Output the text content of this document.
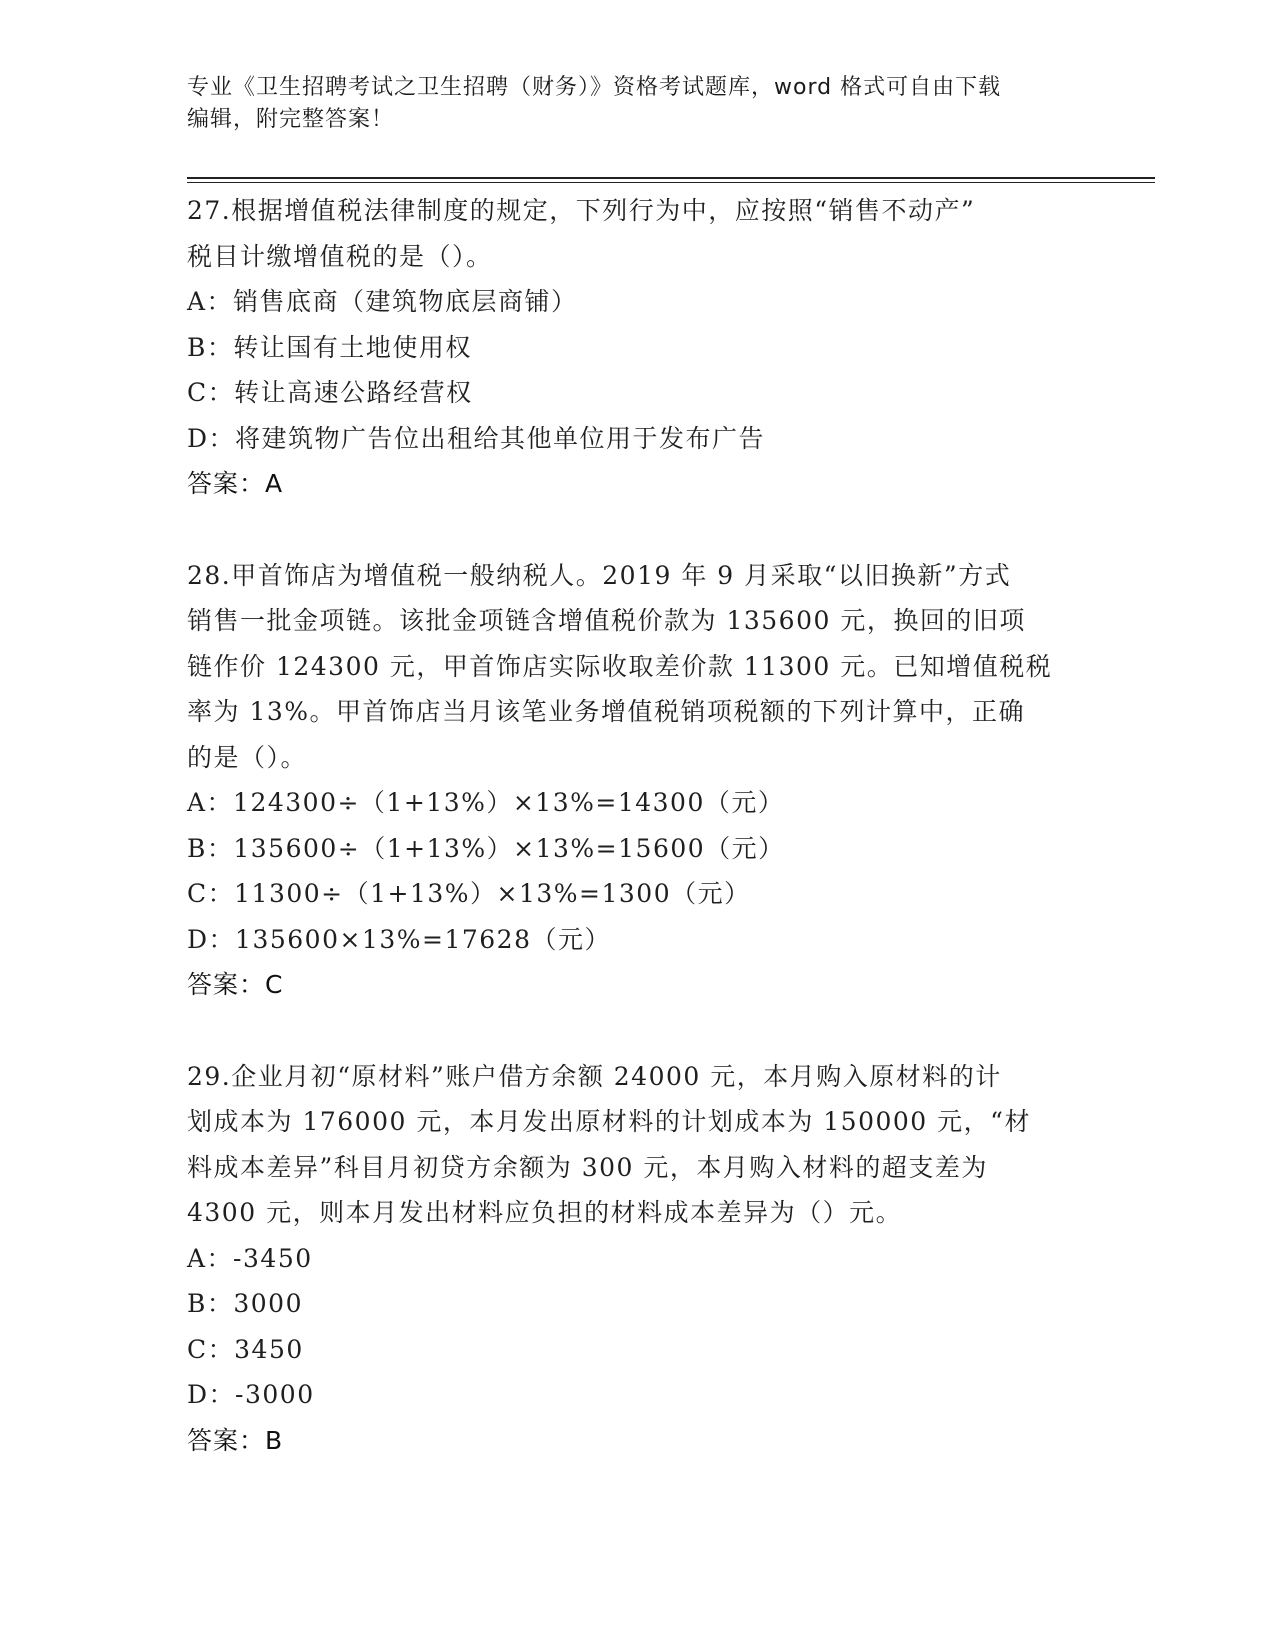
专业《卫生招聘考试之卫生招聘（财务）》资格考试题库，word 格式可自由下载
编辑，附完整答案！

27.根据增值税法律制度的规定，下列行为中，应按照“销售不动产”

税目计缴增值税的是（）。

A：销售底商（建筑物底层商铺）

B：转让国有土地使用权

C：转让高速公路经营权

D：将建筑物广告位出租给其他单位用于发布广告

答案：A

28.甲首饰店为增值税一般纳税人。2019 年 9 月采取“以旧换新”方式

销售一批金项链。该批金项链含增值税价款为 135600 元，换回的旧项

链作价 124300 元，甲首饰店实际收取差价款 11300 元。已知增值税税

率为 13%。甲首饰店当月该笔业务增值税销项税额的下列计算中，正确

的是（）。

A：124300÷（1+13%）×13%=14300（元）

B：135600÷（1+13%）×13%=15600（元）

C：11300÷（1+13%）×13%=1300（元）

D：135600×13%=17628（元）

答案：C

29.企业月初“原材料”账户借方余额 24000 元，本月购入原材料的计

划成本为 176000 元，本月发出原材料的计划成本为 150000 元，“材

料成本差异”科目月初贷方余额为 300 元，本月购入材料的超支差为

4300 元，则本月发出材料应负担的材料成本差异为（）元。

A：-3450

B：3000

C：3450

D：-3000

答案：B
